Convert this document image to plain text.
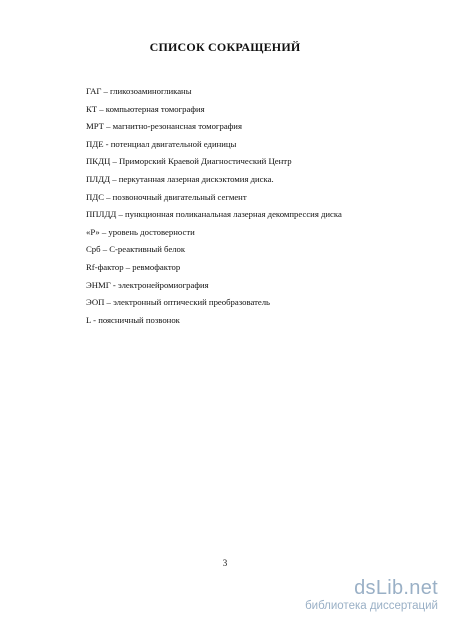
СПИСОК СОКРАЩЕНИЙ
ГАГ – гликозоаминогликаны
КТ – компьютерная томография
МРТ – магнитно-резонансная томография
ПДЕ - потенциал двигательной единицы
ПКДЦ – Приморский Краевой Диагностический Центр
ПЛДД – перкутанная лазерная дискэктомия диска.
ПДС – позвоночный двигательный сегмент
ППЛДД – пункционная поликанальная лазерная декомпрессия диска
«Р» – уровень достоверности
Срб – С-реактивный белок
Rf-фактор – ревмофактор
ЭНМГ - электронейромиография
ЭОП – электронный оптический преобразователь
L - поясничный позвонок
3
dsLib.net
библиотека диссертаций
